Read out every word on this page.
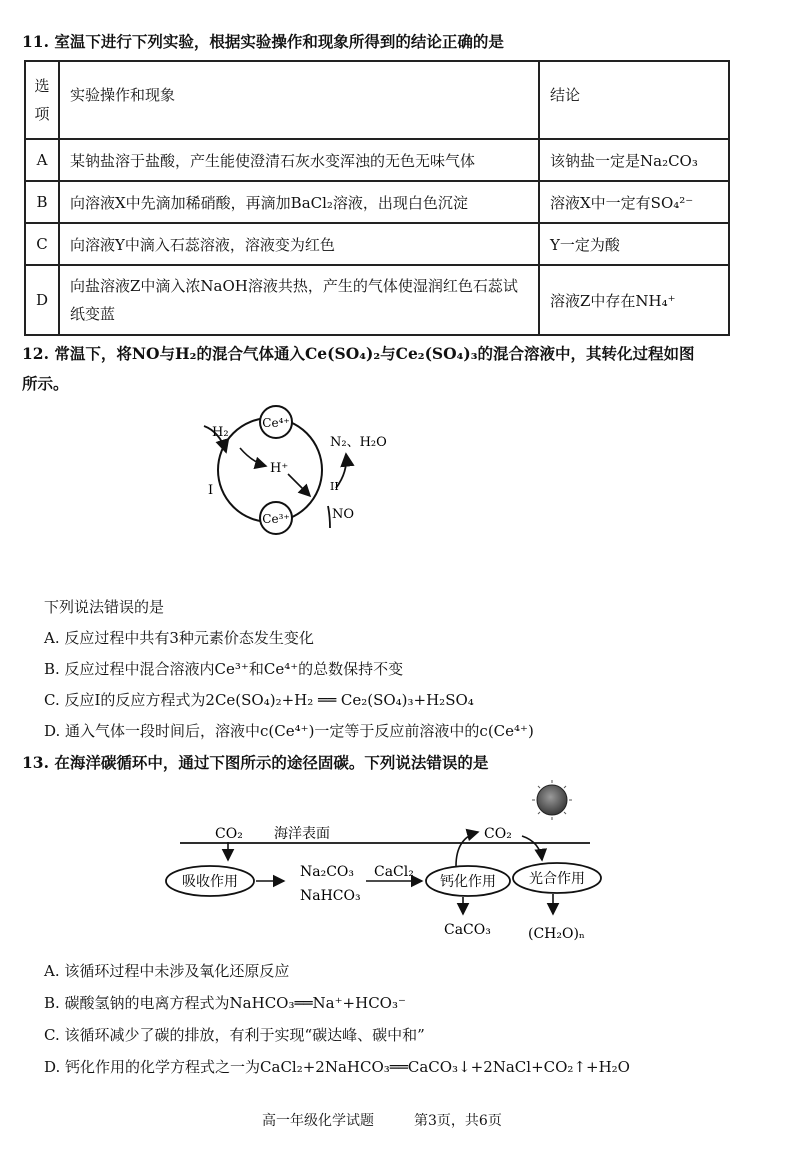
11. 室温下进行下列实验，根据实验操作和现象所得到的结论正确的是
选项	实验操作和现象	结论
A	某钠盐溶于盐酸，产生能使澄清石灰水变浑浊的无色无味气体	该钠盐一定是Na₂CO₃
B	向溶液X中先滴加稀硝酸，再滴加BaCl₂溶液，出现白色沉淀	溶液X中一定有SO₄²⁻
C	向溶液Y中滴入石蕊溶液，溶液变为红色	Y一定为酸
D	向盐溶液Z中滴入浓NaOH溶液共热，产生的气体使湿润红色石蕊试纸变蓝	溶液Z中存在NH₄⁺
12. 常温下，将NO与H₂的混合气体通入Ce(SO₄)₂与Ce₂(SO₄)₃的混合溶液中，其转化过程如图
所示。
Ce⁴⁺
Ce³⁺
H₂
H⁺
N₂、H₂O
NO
I	II
下列说法错误的是
A. 反应过程中共有3种元素价态发生变化
B. 反应过程中混合溶液内Ce³⁺和Ce⁴⁺的总数保持不变
C. 反应I的反应方程式为2Ce(SO₄)₂+H₂ ══ Ce₂(SO₄)₃+H₂SO₄
D. 通入气体一段时间后，溶液中c(Ce⁴⁺)一定等于反应前溶液中的c(Ce⁴⁺)
13. 在海洋碳循环中，通过下图所示的途径固碳。下列说法错误的是
CO₂ 海洋表面
吸收作用
Na₂CO₃
NaHCO₃
CaCl₂
钙化作用 光合作用
CO₂
CaCO₃	(CH₂O)ₙ
A. 该循环过程中未涉及氧化还原反应
B. 碳酸氢钠的电离方程式为NaHCO₃══Na⁺+HCO₃⁻
C. 该循环减少了碳的排放，有利于实现“碳达峰、碳中和”
D. 钙化作用的化学方程式之一为CaCl₂+2NaHCO₃══CaCO₃↓+2NaCl+CO₂↑+H₂O
高一年级化学试题	第3页，共6页
